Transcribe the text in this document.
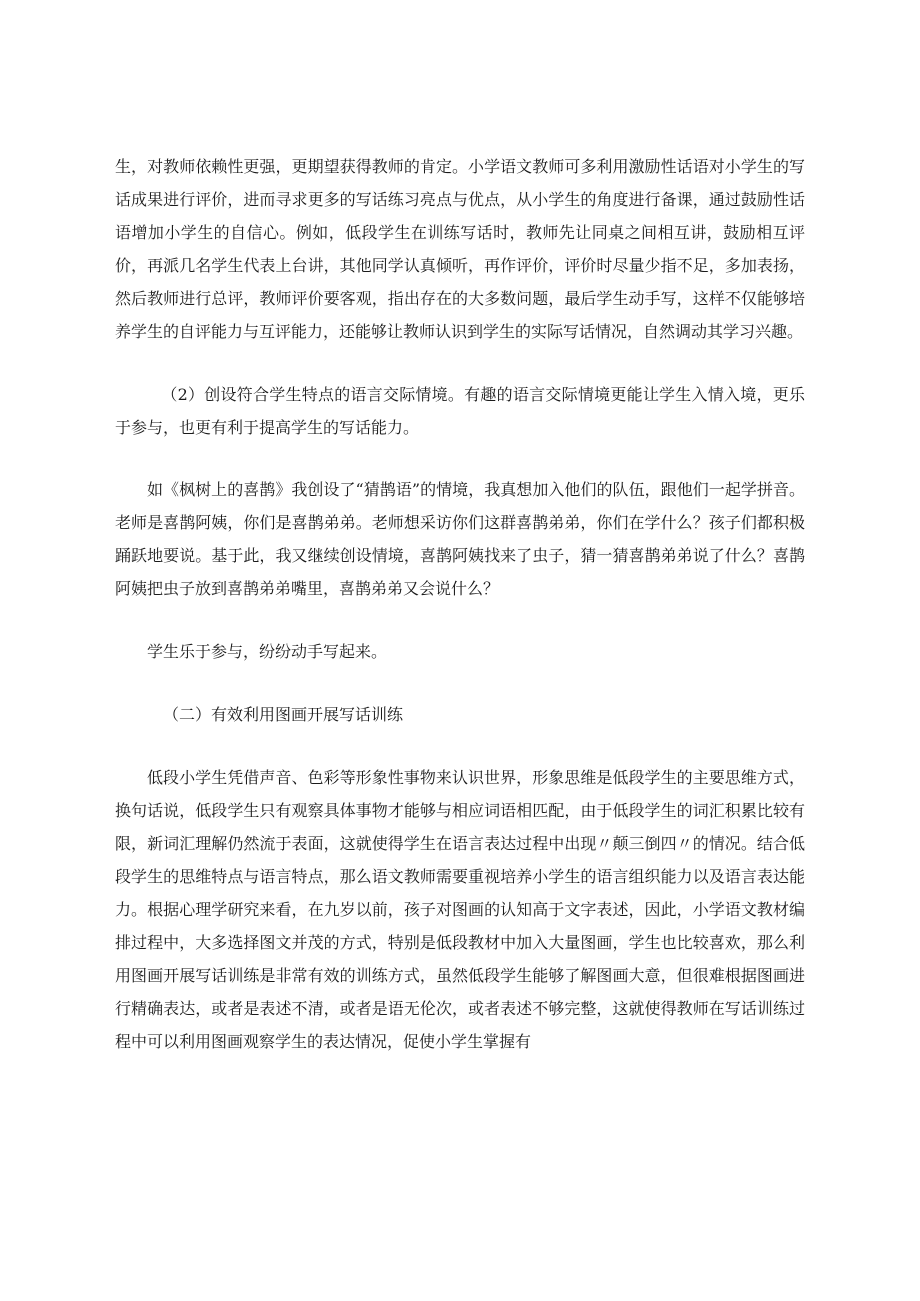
生，对教师依赖性更强，更期望获得教师的肯定。小学语文教师可多利用激励性话语对小学生的写话成果进行评价，进而寻求更多的写话练习亮点与优点，从小学生的角度进行备课，通过鼓励性话语增加小学生的自信心。例如，低段学生在训练写话时，教师先让同桌之间相互讲，鼓励相互评价，再派几名学生代表上台讲，其他同学认真倾听，再作评价，评价时尽量少指不足，多加表扬，然后教师进行总评，教师评价要客观，指出存在的大多数问题，最后学生动手写，这样不仅能够培养学生的自评能力与互评能力，还能够让教师认识到学生的实际写话情况，自然调动其学习兴趣。

（2）创设符合学生特点的语言交际情境。有趣的语言交际情境更能让学生入情入境，更乐于参与，也更有利于提高学生的写话能力。

如《枫树上的喜鹊》我创设了“猜鹊语”的情境，我真想加入他们的队伍，跟他们一起学拼音。老师是喜鹊阿姨，你们是喜鹊弟弟。老师想采访你们这群喜鹊弟弟，你们在学什么？孩子们都积极踊跃地要说。基于此，我又继续创设情境，喜鹊阿姨找来了虫子，猜一猜喜鹊弟弟说了什么？喜鹊阿姨把虫子放到喜鹊弟弟嘴里，喜鹊弟弟又会说什么？

学生乐于参与，纷纷动手写起来。

（二）有效利用图画开展写话训练

低段小学生凭借声音、色彩等形象性事物来认识世界，形象思维是低段学生的主要思维方式，换句话说，低段学生只有观察具体事物才能够与相应词语相匹配，由于低段学生的词汇积累比较有限，新词汇理解仍然流于表面，这就使得学生在语言表达过程中出现〃颠三倒四〃的情况。结合低段学生的思维特点与语言特点，那么语文教师需要重视培养小学生的语言组织能力以及语言表达能力。根据心理学研究来看，在九岁以前，孩子对图画的认知高于文字表述，因此，小学语文教材编排过程中，大多选择图文并茂的方式，特别是低段教材中加入大量图画，学生也比较喜欢，那么利用图画开展写话训练是非常有效的训练方式，虽然低段学生能够了解图画大意，但很难根据图画进行精确表达，或者是表述不清，或者是语无伦次，或者表述不够完整，这就使得教师在写话训练过程中可以利用图画观察学生的表达情况，促使小学生掌握有
